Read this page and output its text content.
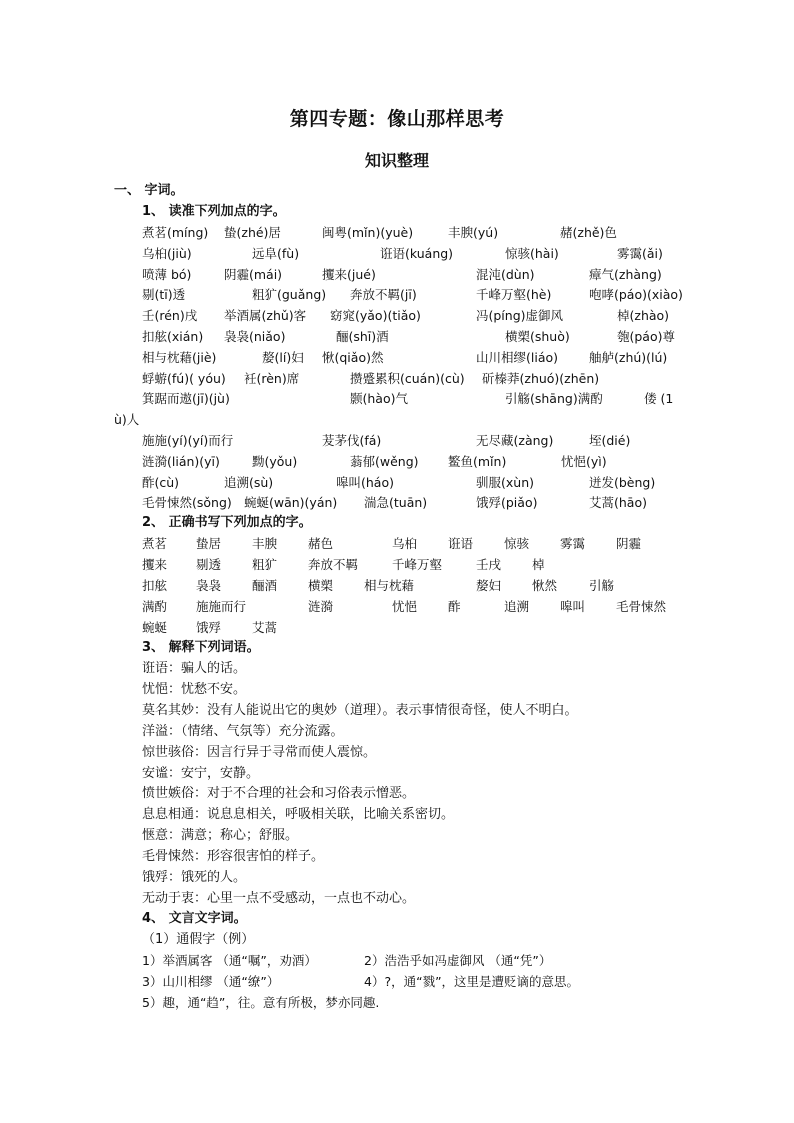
第四专题：像山那样思考
知识整理
一、 字词。
1、 读准下列加点的字。
煮茗(míng) 蛰(zhé)居	闽粤(mǐn)(yuè)	丰腴(yú)	赭(zhě)色
乌桕(jiù)	远阜(fù)	诳语(kuáng)	惊骇(hài)	雾霭(ǎi)
喷薄 bó)	阴霾(mái)	攫来(jué)	混沌(dùn)	瘴气(zhàng)
剔(tī)透	粗犷(guǎng) 奔放不羁(jī)	千峰万壑(hè)	咆哮(páo)(xiào)
壬(rén)戌 举酒属(zhǔ)客 窈窕(yǎo)(tiǎo)	冯(píng)虚御风	棹(zhào)
扣舷(xián) 袅袅(niǎo)	酾(shī)酒	横槊(shuò)	匏(páo)尊
相与枕藉(jiè)	嫠(lí)妇 愀(qiǎo)然	山川相缪(liáo) 舳舻(zhú)(lú)
蜉蝣(fú)( yóu) 衽(rèn)席	攒蹙累积(cuán)(cù) 斫榛莽(zhuó)(zhēn)
箕踞而遨(jī)(jù)	颢(hào)气	引觞(shāng)满酌	偻 (1
ù)人
施施(yí)(yí)而行	茇茅伐(fá)	无尽藏(zàng)	垤(dié)
涟漪(lián)(yī)	黝(yǒu)	蓊郁(wěng) 鳘鱼(mǐn)	忧悒(yì)
酢(cù)	追溯(sù)	嗥叫(háo)	驯服(xùn)	迸发(bèng)
毛骨悚然(sǒng) 蜿蜒(wān)(yán) 湍急(tuān)	饿殍(piǎo)	艾蒿(hāo)
2、 正确书写下列加点的字。
煮茗 蛰居 丰腴 赭色	乌桕 诳语 惊骇 雾霭 阴霾
攫来 剔透 粗犷 奔放不羁	千峰万壑	壬戌 棹
扣舷 袅袅 酾酒 横槊 相与枕藉	嫠妇 愀然	引觞
满酌 施施而行	涟漪	忧悒 酢	追溯 嗥叫 毛骨悚然
蜿蜒 饿殍 艾蒿
3、 解释下列词语。
诳语：骗人的话。
忧悒：忧愁不安。
莫名其妙：没有人能说出它的奥妙（道理）。表示事情很奇怪，使人不明白。
洋溢：（情绪、气氛等）充分流露。
惊世骇俗：因言行异于寻常而使人震惊。
安谧：安宁，安静。
愤世嫉俗：对于不合理的社会和习俗表示憎恶。
息息相通：说息息相关，呼吸相关联，比喻关系密切。
惬意：满意；称心；舒服。
毛骨悚然：形容很害怕的样子。
饿殍：饿死的人。
无动于衷：心里一点不受感动，一点也不动心。
4、 文言文字词。
（1）通假字（例）
1）举酒属客 （通“嘱”，劝酒）	2）浩浩乎如冯虚御风 （通“凭”）
3）山川相缪 （通“缭”）	4）?，通“戮”，这里是遭贬谪的意思。
5）趣，通“趋”，往。意有所极，梦亦同趣.
